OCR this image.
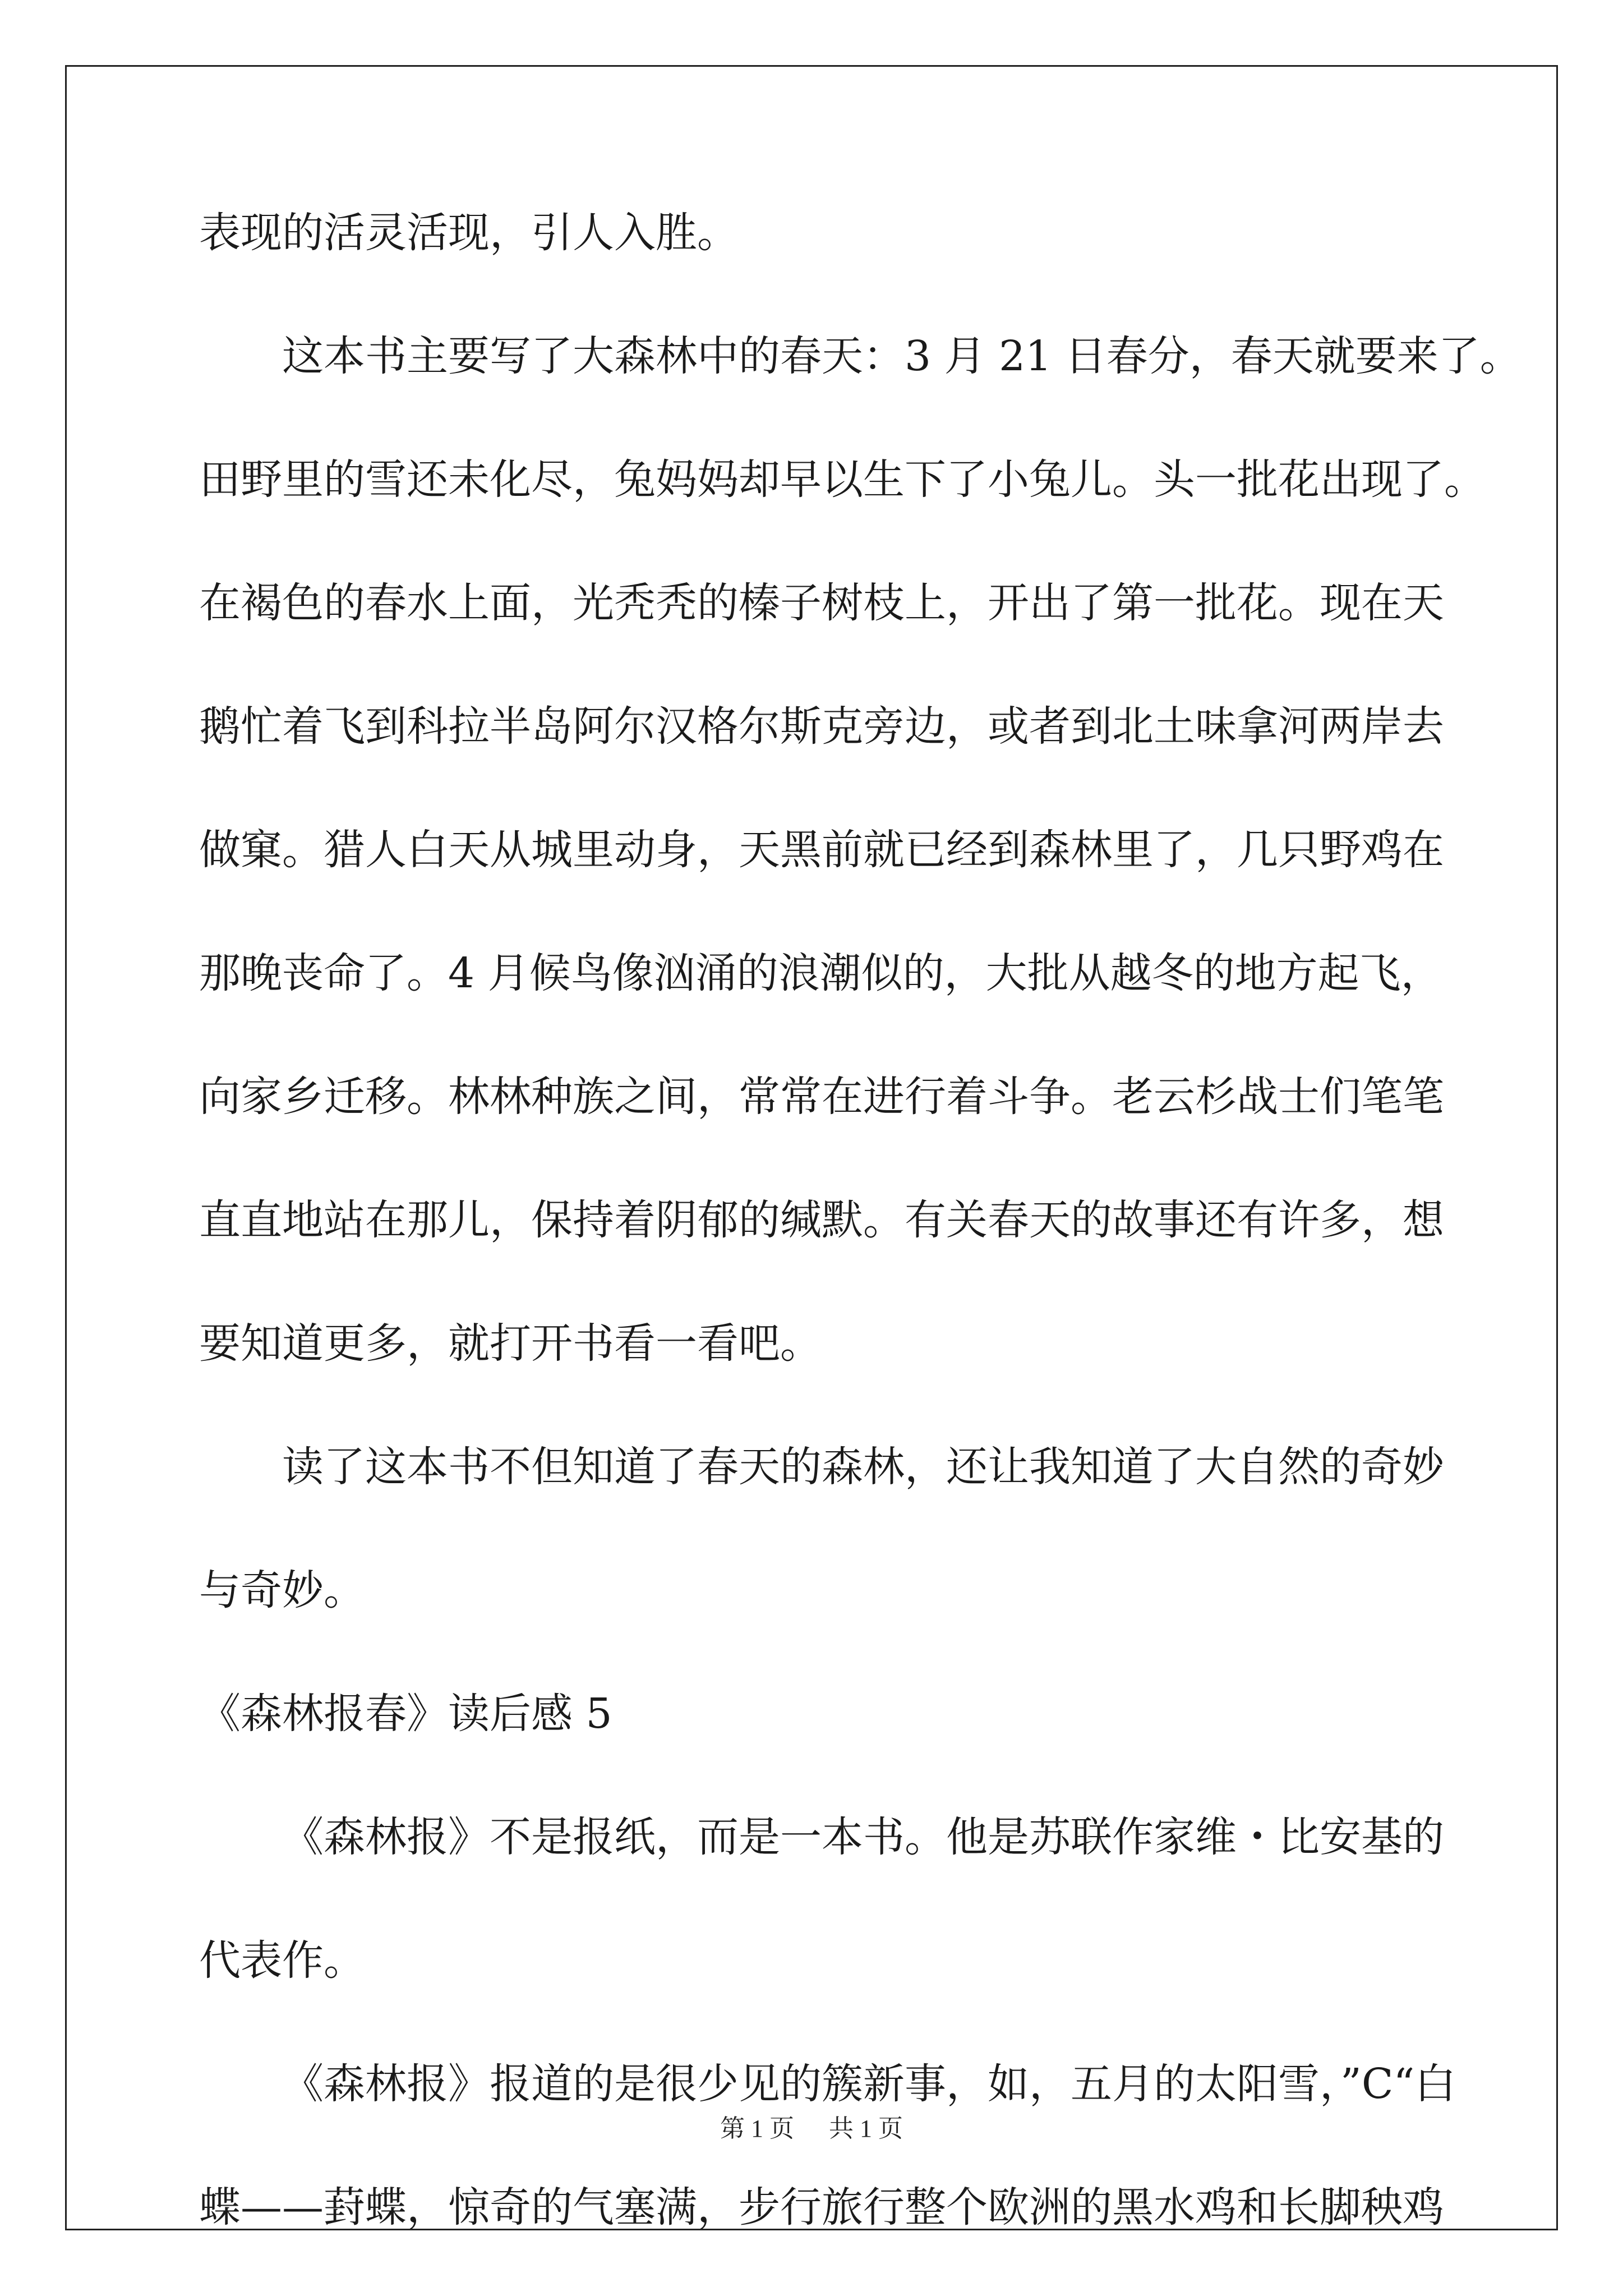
表现的活灵活现，引人入胜。
这本书主要写了大森林中的春天：3 月 21 日春分，春天就要来了。
田野里的雪还未化尽，兔妈妈却早以生下了小兔儿。头一批花出现了。
在褐色的春水上面，光秃秃的榛子树枝上，开出了第一批花。现在天
鹅忙着飞到科拉半岛阿尔汉格尔斯克旁边，或者到北土味拿河两岸去
做窠。猎人白天从城里动身，天黑前就已经到森林里了，几只野鸡在
那晚丧命了。4 月候鸟像汹涌的浪潮似的，大批从越冬的地方起飞，
向家乡迁移。林林种族之间，常常在进行着斗争。老云杉战士们笔笔
直直地站在那儿，保持着阴郁的缄默。有关春天的故事还有许多，想
要知道更多，就打开书看一看吧。
读了这本书不但知道了春天的森林，还让我知道了大自然的奇妙
与奇妙。
《森林报春》读后感 5
《森林报》不是报纸，而是一本书。他是苏联作家维・比安基的
代表作。
《森林报》报道的是很少见的簇新事，如，五月的太阳雪，”C“白
蝶——葑蝶，惊奇的气塞满，步行旅行整个欧洲的黑水鸡和长脚秧鸡
第 1 页 共 1 页
